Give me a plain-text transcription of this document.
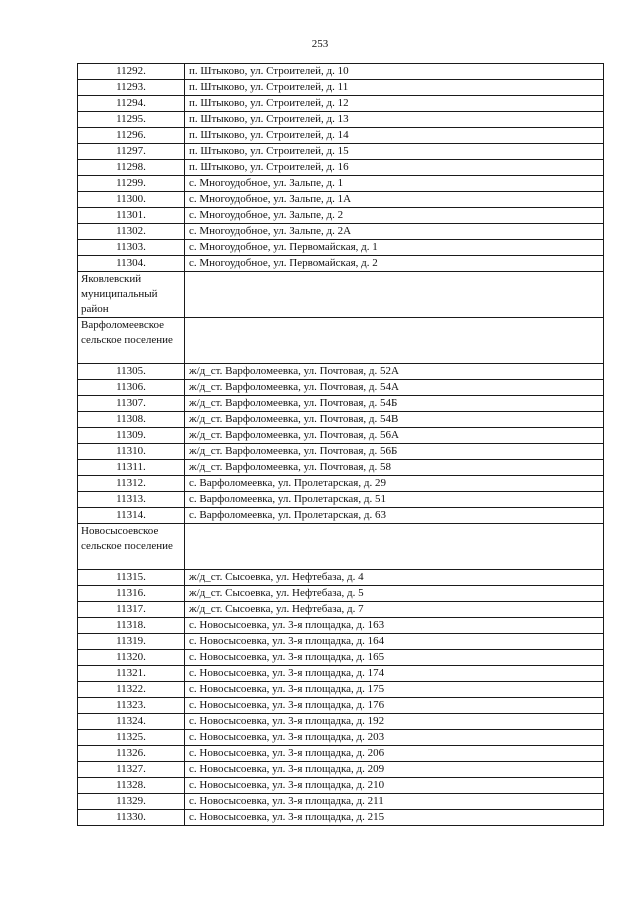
253
11292.	п. Штыково, ул. Строителей, д. 10
11293.	п. Штыково, ул. Строителей, д. 11
11294.	п. Штыково, ул. Строителей, д. 12
11295.	п. Штыково, ул. Строителей, д. 13
11296.	п. Штыково, ул. Строителей, д. 14
11297.	п. Штыково, ул. Строителей, д. 15
11298.	п. Штыково, ул. Строителей, д. 16
11299.	с. Многоудобное, ул. Зальпе, д. 1
11300.	с. Многоудобное, ул. Зальпе, д. 1А
11301.	с. Многоудобное, ул. Зальпе, д. 2
11302.	с. Многоудобное, ул. Зальпе, д. 2А
11303.	с. Многоудобное, ул. Первомайская, д. 1
11304.	с. Многоудобное, ул. Первомайская, д. 2
Яковлевский муниципальный район	
Варфоломеевское сельское поселение	
11305.	ж/д_ст. Варфоломеевка, ул. Почтовая, д. 52А
11306.	ж/д_ст. Варфоломеевка, ул. Почтовая, д. 54А
11307.	ж/д_ст. Варфоломеевка, ул. Почтовая, д. 54Б
11308.	ж/д_ст. Варфоломеевка, ул. Почтовая, д. 54В
11309.	ж/д_ст. Варфоломеевка, ул. Почтовая, д. 56А
11310.	ж/д_ст. Варфоломеевка, ул. Почтовая, д. 56Б
11311.	ж/д_ст. Варфоломеевка, ул. Почтовая, д. 58
11312.	с. Варфоломеевка, ул. Пролетарская, д. 29
11313.	с. Варфоломеевка, ул. Пролетарская, д. 51
11314.	с. Варфоломеевка, ул. Пролетарская, д. 63
Новосысоевское сельское поселение	
11315.	ж/д_ст. Сысоевка, ул. Нефтебаза, д. 4
11316.	ж/д_ст. Сысоевка, ул. Нефтебаза, д. 5
11317.	ж/д_ст. Сысоевка, ул. Нефтебаза, д. 7
11318.	с. Новосысоевка, ул. 3-я площадка, д. 163
11319.	с. Новосысоевка, ул. 3-я площадка, д. 164
11320.	с. Новосысоевка, ул. 3-я площадка, д. 165
11321.	с. Новосысоевка, ул. 3-я площадка, д. 174
11322.	с. Новосысоевка, ул. 3-я площадка, д. 175
11323.	с. Новосысоевка, ул. 3-я площадка, д. 176
11324.	с. Новосысоевка, ул. 3-я площадка, д. 192
11325.	с. Новосысоевка, ул. 3-я площадка, д. 203
11326.	с. Новосысоевка, ул. 3-я площадка, д. 206
11327.	с. Новосысоевка, ул. 3-я площадка, д. 209
11328.	с. Новосысоевка, ул. 3-я площадка, д. 210
11329.	с. Новосысоевка, ул. 3-я площадка, д. 211
11330.	с. Новосысоевка, ул. 3-я площадка, д. 215
